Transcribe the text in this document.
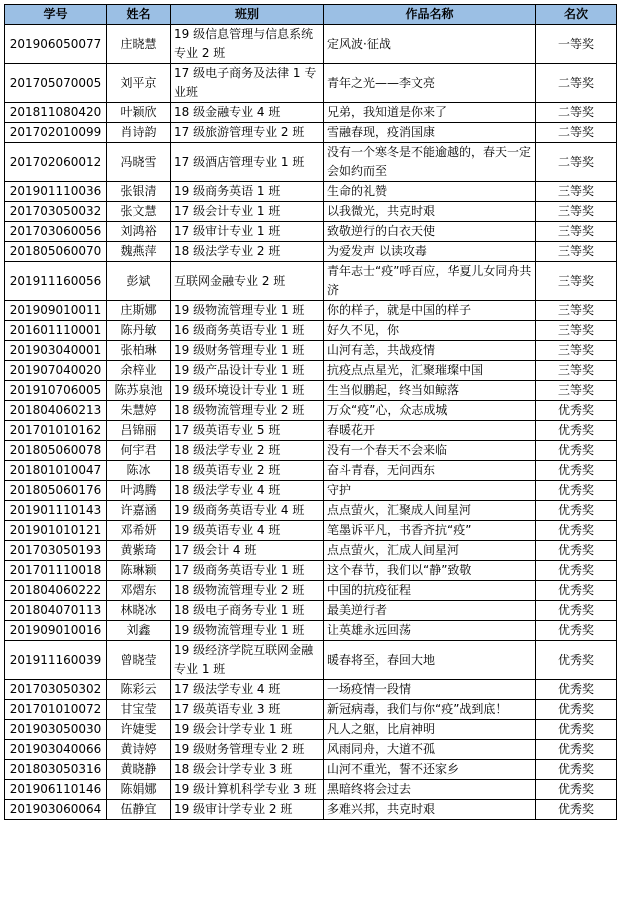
学号	姓名	班别	作品名称	名次
201906050077	庄晓慧	19 级信息管理与信息系统专业 2 班	定风波·征战	一等奖
201705070005	刘平京	17 级电子商务及法律 1 专业班	青年之光——李文亮	二等奖
201811080420	叶颖欣	18 级金融专业 4 班	兄弟，我知道是你来了	二等奖
201702010099	肖诗韵	17 级旅游管理专业 2 班	雪融春现，疫消国康	二等奖
201702060012	冯晓雪	17 级酒店管理专业 1 班	没有一个寒冬是不能逾越的，春天一定会如约而至	二等奖
201901110036	张银清	19 级商务英语 1 班	生命的礼赞	三等奖
201703050032	张文慧	17 级会计专业 1 班	以我微光，共克时艰	三等奖
201703060056	刘鸿裕	17 级审计专业 1 班	致敬逆行的白衣天使	三等奖
201805060070	魏燕萍	18 级法学专业 2 班	为爱发声 以读攻毒	三等奖
201911160056	彭斌	互联网金融专业 2 班	青年志士“疫”呼百应，华夏儿女同舟共济	三等奖
201909010011	庄斯娜	19 级物流管理专业 1 班	你的样子，就是中国的样子	三等奖
201601110001	陈丹敏	16 级商务英语专业 1 班	好久不见，你	三等奖
201903040001	张柏琳	19 级财务管理专业 1 班	山河有恙，共战疫情	三等奖
201907040020	余梓业	19 级产品设计专业 1 班	抗疫点点星光，汇聚璀璨中国	三等奖
201910706005	陈苏泉池	19 级环境设计专业 1 班	生当似鹏起，终当如鲸落	三等奖
201804060213	朱慧婷	18 级物流管理专业 2 班	万众“疫”心，众志成城	优秀奖
201701010162	吕锦丽	17 级英语专业 5 班	春暖花开	优秀奖
201805060078	何宇君	18 级法学专业 2 班	没有一个春天不会来临	优秀奖
201801010047	陈冰	18 级英语专业 2 班	奋斗青春，无问西东	优秀奖
201805060176	叶鸿腾	18 级法学专业 4 班	守护	优秀奖
201901110143	许嘉涵	19 级商务英语专业 4 班	点点萤火，汇聚成人间星河	优秀奖
201901010121	邓希妍	19 级英语专业 4 班	笔墨诉平凡，书香齐抗“疫”	优秀奖
201703050193	黄紫琦	17 级会计 4 班	点点萤火，汇成人间星河	优秀奖
201701110018	陈琳颖	17 级商务英语专业 1 班	这个春节，我们以“静”致敬	优秀奖
201804060222	邓熠东	18 级物流管理专业 2 班	中国的抗疫征程	优秀奖
201804070113	林晓冰	18 级电子商务专业 1 班	最美逆行者	优秀奖
201909010016	刘鑫	19 级物流管理专业 1 班	让英雄永远回荡	优秀奖
201911160039	曾晓莹	19 级经济学院互联网金融专业 1 班	暖春将至，春回大地	优秀奖
201703050302	陈彩云	17 级法学专业 4 班	一场疫情一段情	优秀奖
201701010072	甘宝莹	17 级英语专业 3 班	新冠病毒，我们与你“疫”战到底！	优秀奖
201903050030	许婕雯	19 级会计学专业 1 班	凡人之躯，比肩神明	优秀奖
201903040066	黄诗婷	19 级财务管理专业 2 班	风雨同舟，大道不孤	优秀奖
201803050316	黄晓静	18 级会计学专业 3 班	山河不重光，誓不还家乡	优秀奖
201906110146	陈娟娜	19 级计算机科学专业 3 班	黑暗终将会过去	优秀奖
201903060064	伍静宜	19 级审计学专业 2 班	多难兴邦，共克时艰	优秀奖
